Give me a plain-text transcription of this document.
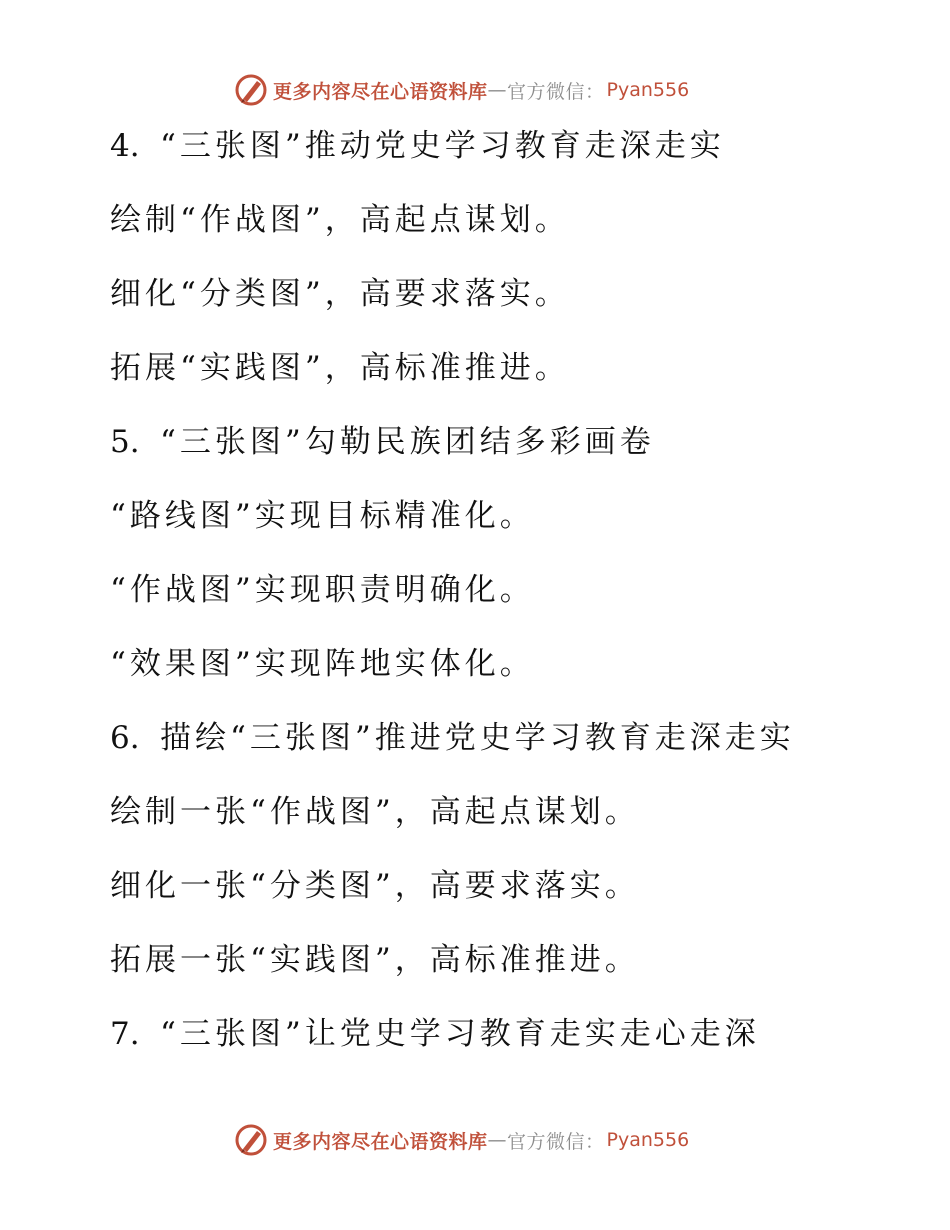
更多内容尽在心语资料库 — 官方微信： Pyan556
4. “三张图”推动党史学习教育走深走实
绘制“作战图”，高起点谋划。
细化“分类图”，高要求落实。
拓展“实践图”，高标准推进。
5. “三张图”勾勒民族团结多彩画卷
“路线图”实现目标精准化。
“作战图”实现职责明确化。
“效果图”实现阵地实体化。
6. 描绘“三张图”推进党史学习教育走深走实
绘制一张“作战图”，高起点谋划。
细化一张“分类图”，高要求落实。
拓展一张“实践图”，高标准推进。
7. “三张图”让党史学习教育走实走心走深
更多内容尽在心语资料库 — 官方微信： Pyan556
